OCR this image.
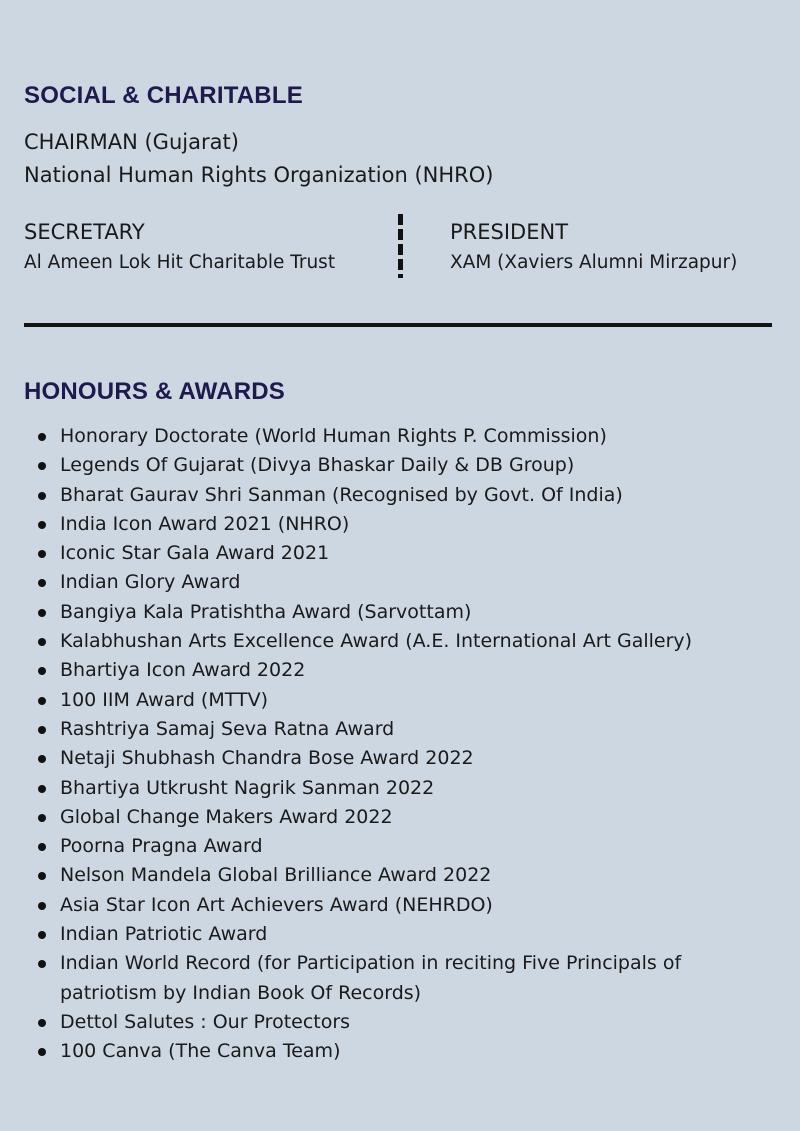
SOCIAL & CHARITABLE
CHAIRMAN (Gujarat)
National Human Rights Organization (NHRO)
SECRETARY
Al Ameen Lok Hit Charitable Trust
PRESIDENT
XAM (Xaviers Alumni Mirzapur)
HONOURS & AWARDS
Honorary Doctorate (World Human Rights P. Commission)
Legends Of Gujarat (Divya Bhaskar Daily & DB Group)
Bharat Gaurav Shri Sanman (Recognised by Govt. Of India)
India Icon Award 2021 (NHRO)
Iconic Star Gala Award 2021
Indian Glory Award
Bangiya Kala Pratishtha Award (Sarvottam)
Kalabhushan Arts Excellence Award (A.E. International Art Gallery)
Bhartiya Icon Award 2022
100 IIM Award (MTTV)
Rashtriya Samaj Seva Ratna Award
Netaji Shubhash Chandra Bose Award 2022
Bhartiya Utkrusht Nagrik Sanman 2022
Global Change Makers Award 2022
Poorna Pragna Award
Nelson Mandela Global Brilliance Award 2022
Asia Star Icon Art Achievers Award (NEHRDO)
Indian Patriotic Award
Indian World Record (for Participation in reciting Five Principals of patriotism by Indian Book Of Records)
Dettol Salutes : Our Protectors
100 Canva (The Canva Team)
